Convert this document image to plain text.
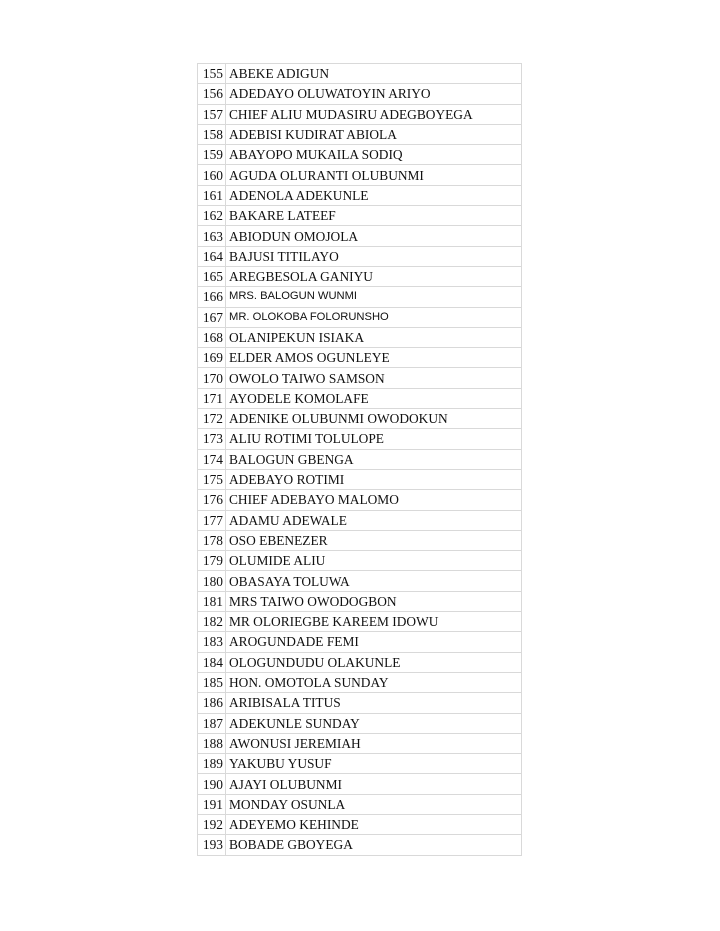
155	ABEKE ADIGUN
156	ADEDAYO OLUWATOYIN ARIYO
157	CHIEF ALIU MUDASIRU ADEGBOYEGA
158	ADEBISI KUDIRAT ABIOLA
159	ABAYOPO MUKAILA SODIQ
160	AGUDA OLURANTI OLUBUNMI
161	ADENOLA ADEKUNLE
162	BAKARE LATEEF
163	ABIODUN OMOJOLA
164	BAJUSI TITILAYO
165	AREGBESOLA GANIYU
166	MRS. BALOGUN WUNMI
167	MR. OLOKOBA FOLORUNSHO
168	OLANIPEKUN ISIAKA
169	ELDER AMOS OGUNLEYE
170	OWOLO TAIWO SAMSON
171	AYODELE KOMOLAFE
172	ADENIKE OLUBUNMI OWODOKUN
173	ALIU ROTIMI TOLULOPE
174	BALOGUN GBENGA
175	ADEBAYO ROTIMI
176	CHIEF ADEBAYO MALOMO
177	ADAMU ADEWALE
178	OSO EBENEZER
179	OLUMIDE ALIU
180	OBASAYA TOLUWA
181	MRS TAIWO OWODOGBON
182	MR OLORIEGBE KAREEM IDOWU
183	AROGUNDADE FEMI
184	OLOGUNDUDU OLAKUNLE
185	HON. OMOTOLA SUNDAY
186	ARIBISALA TITUS
187	ADEKUNLE SUNDAY
188	AWONUSI JEREMIAH
189	YAKUBU YUSUF
190	AJAYI OLUBUNMI
191	MONDAY OSUNLA
192	ADEYEMO KEHINDE
193	BOBADE GBOYEGA
